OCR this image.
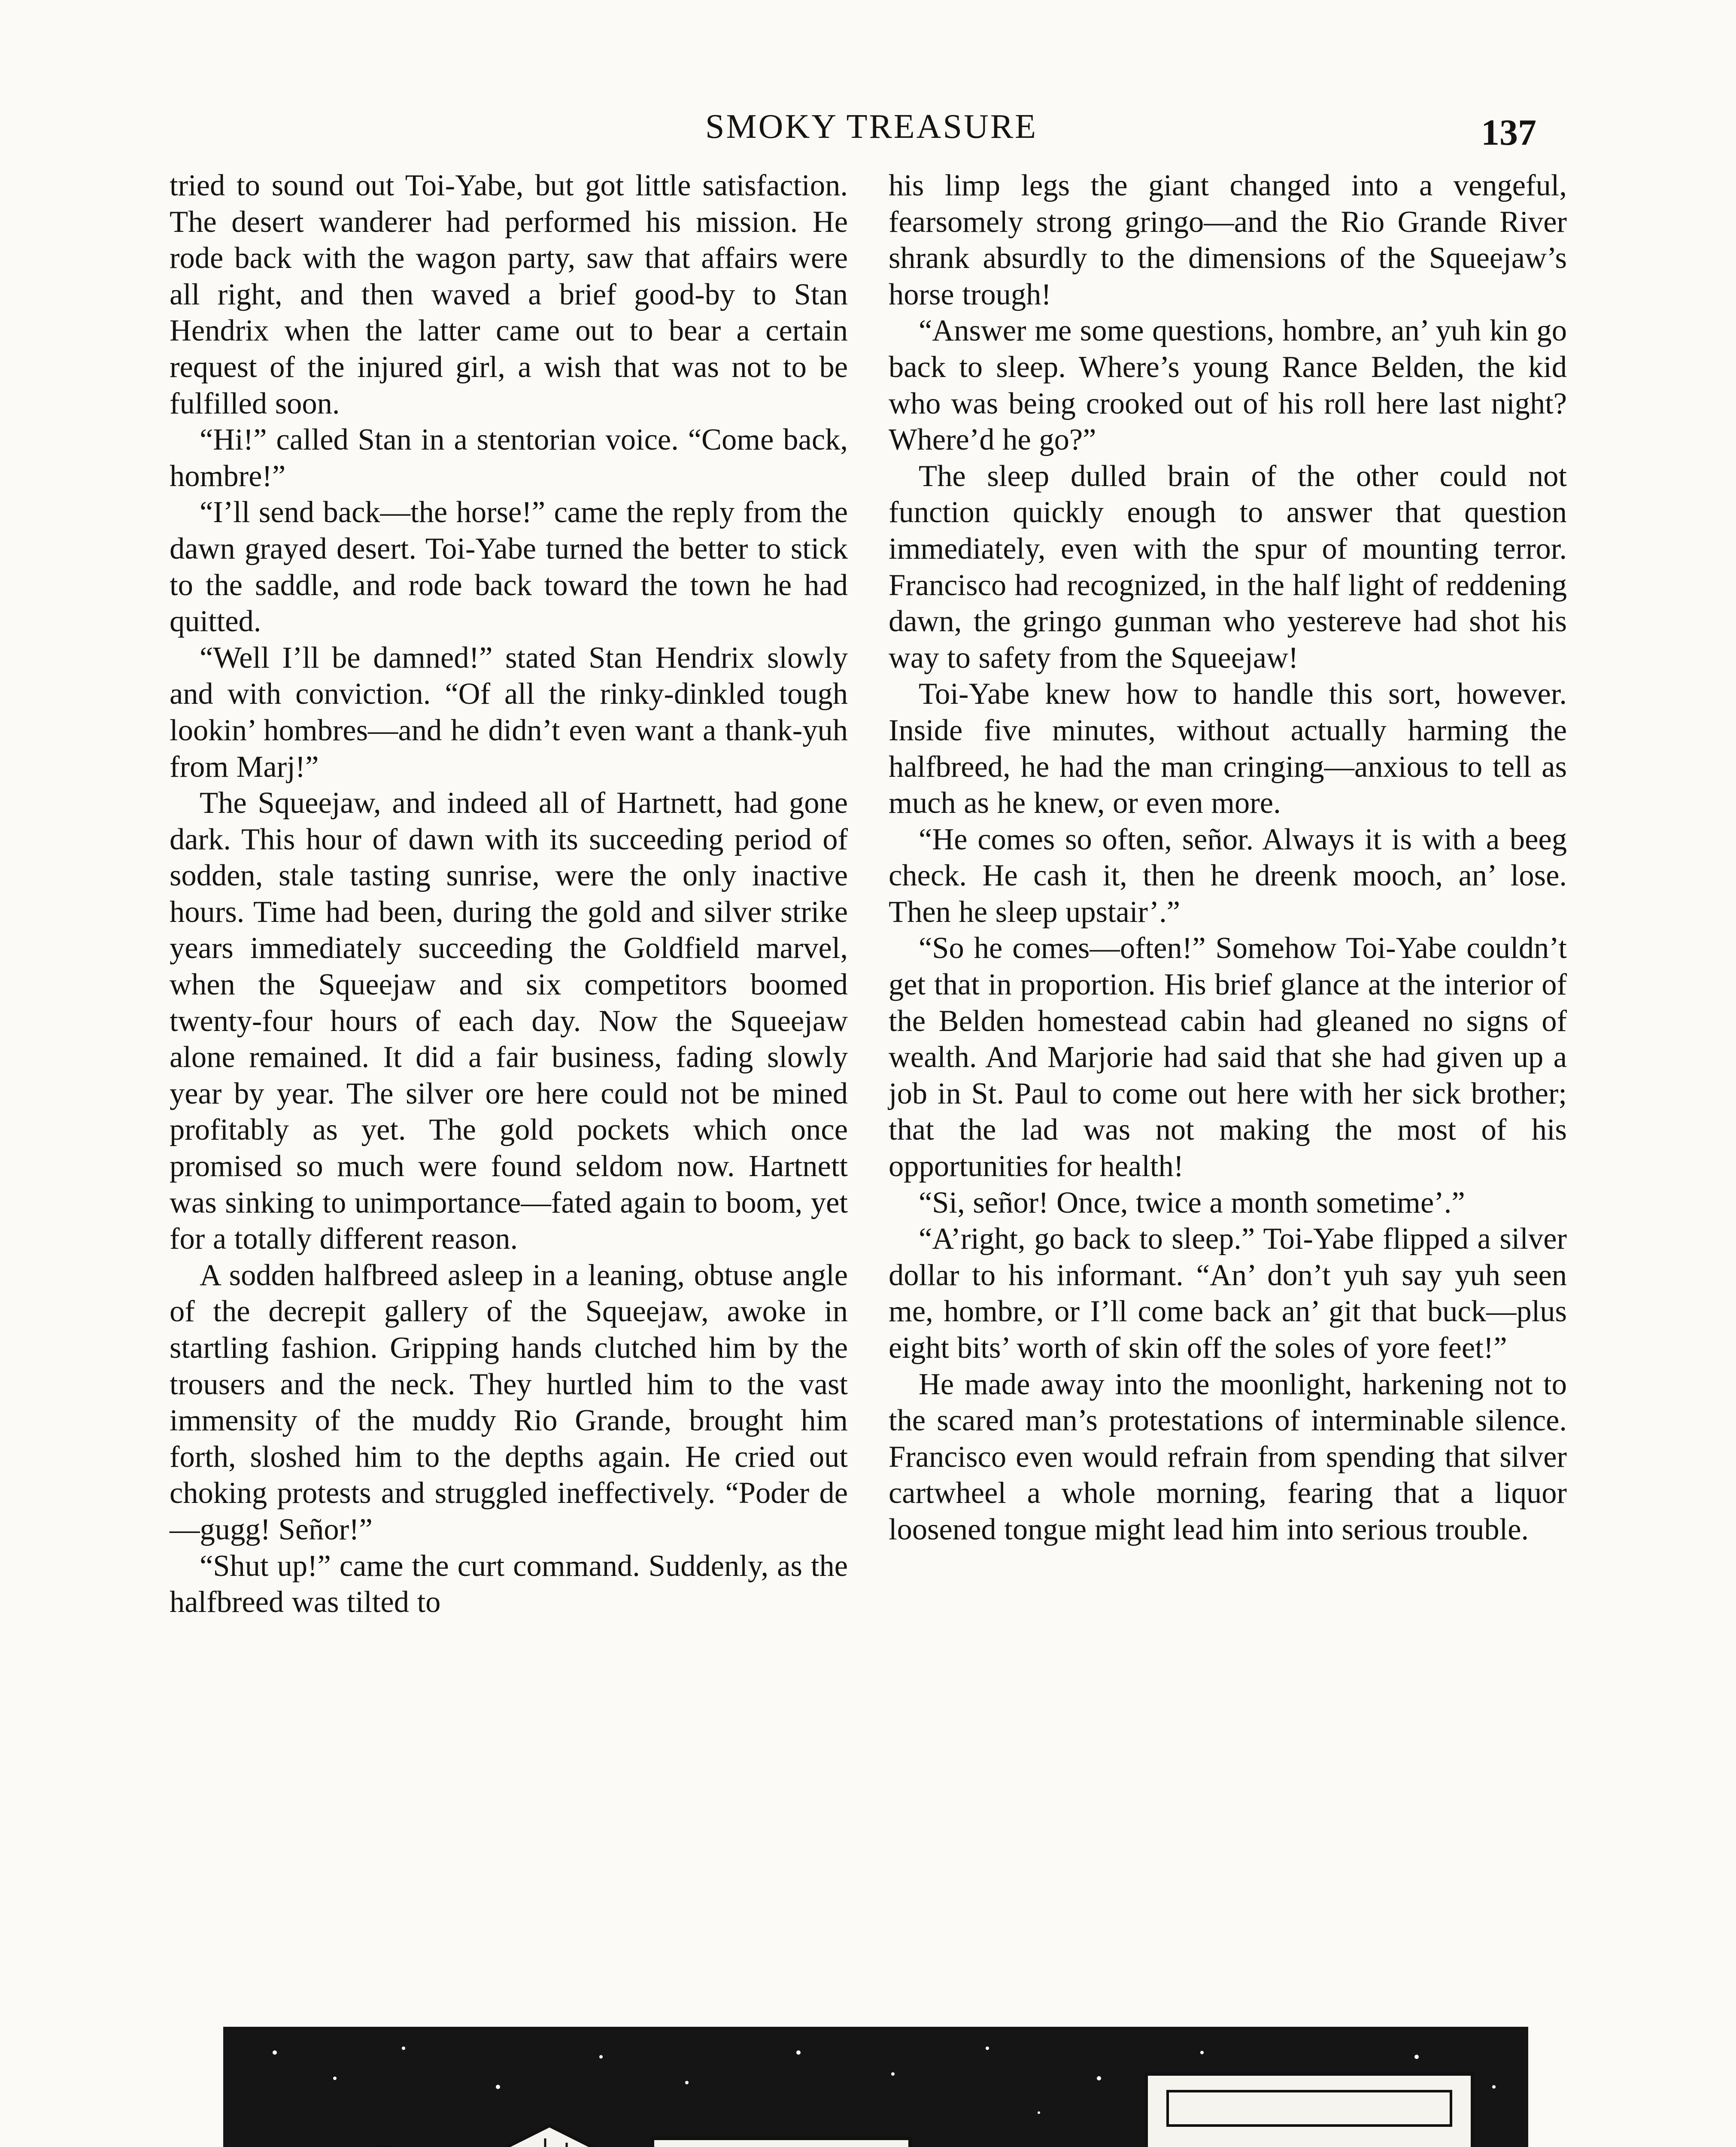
SMOKY TREASURE	137

tried to sound out Toi-Yabe, but got little satisfaction. The desert wanderer had performed his mission. He rode back with the wagon party, saw that affairs were all right, and then waved a brief good-by to Stan Hendrix when the latter came out to bear a certain request of the injured girl, a wish that was not to be fulfilled soon.

“Hi!” called Stan in a stentorian voice. “Come back, hombre!”

“I’ll send back—the horse!” came the reply from the dawn grayed desert. Toi-Yabe turned the better to stick to the saddle, and rode back toward the town he had quitted.

“Well I’ll be damned!” stated Stan Hendrix slowly and with conviction. “Of all the rinky-dinkled tough lookin’ hombres—and he didn’t even want a thank-yuh from Marj!”

The Squeejaw, and indeed all of Hartnett, had gone dark. This hour of dawn with its succeeding period of sodden, stale tasting sunrise, were the only inactive hours. Time had been, during the gold and silver strike years immediately succeeding the Goldfield marvel, when the Squeejaw and six competitors boomed twenty-four hours of each day. Now the Squeejaw alone remained. It did a fair business, fading slowly year by year. The silver ore here could not be mined profitably as yet. The gold pockets which once promised so much were found seldom now. Hartnett was sinking to unimportance—fated again to boom, yet for a totally different reason.

A sodden halfbreed asleep in a leaning, obtuse angle of the decrepit gallery of the Squeejaw, awoke in startling fashion. Gripping hands clutched him by the trousers and the neck. They hurtled him to the vast immensity of the muddy Rio Grande, brought him forth, sloshed him to the depths again. He cried out choking protests and struggled ineffectively. “Poder de—gugg! Señor!”

“Shut up!” came the curt command. Suddenly, as the halfbreed was tilted to

his limp legs the giant changed into a vengeful, fearsomely strong gringo—and the Rio Grande River shrank absurdly to the dimensions of the Squeejaw’s horse trough!

“Answer me some questions, hombre, an’ yuh kin go back to sleep. Where’s young Rance Belden, the kid who was being crooked out of his roll here last night? Where’d he go?”

The sleep dulled brain of the other could not function quickly enough to answer that question immediately, even with the spur of mounting terror. Francisco had recognized, in the half light of reddening dawn, the gringo gunman who yestereve had shot his way to safety from the Squeejaw!

Toi-Yabe knew how to handle this sort, however. Inside five minutes, without actually harming the halfbreed, he had the man cringing—anxious to tell as much as he knew, or even more.

“He comes so often, señor. Always it is with a beeg check. He cash it, then he dreenk mooch, an’ lose. Then he sleep upstair’.”

“So he comes—often!” Somehow Toi-Yabe couldn’t get that in proportion. His brief glance at the interior of the Belden homestead cabin had gleaned no signs of wealth. And Marjorie had said that she had given up a job in St. Paul to come out here with her sick brother; that the lad was not making the most of his opportunities for health!

“Si, señor! Once, twice a month sometime’.”

“A’right, go back to sleep.” Toi-Yabe flipped a silver dollar to his informant. “An’ don’t yuh say yuh seen me, hombre, or I’ll come back an’ git that buck—plus eight bits’ worth of skin off the soles of yore feet!”

He made away into the moonlight, harkening not to the scared man’s protestations of interminable silence. Francisco even would refrain from spending that silver cartwheel a whole morning, fearing that a liquor loosened tongue might lead him into serious trouble.
